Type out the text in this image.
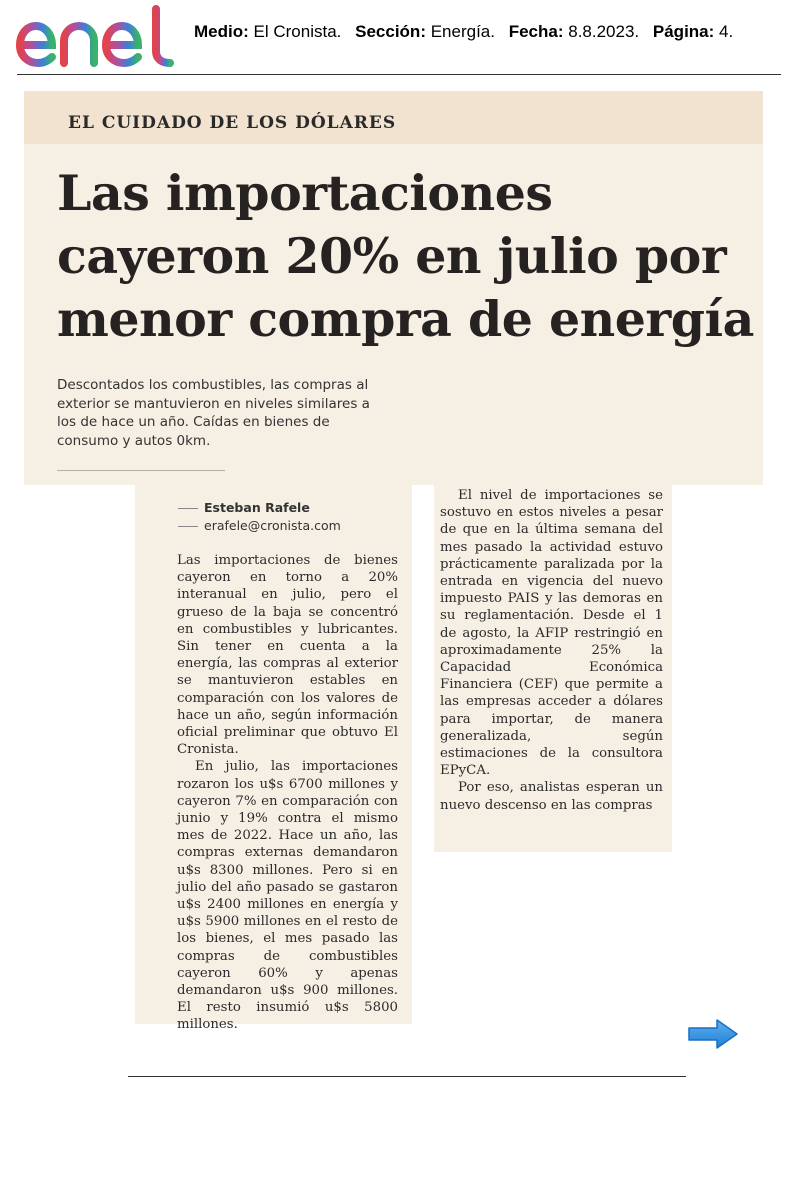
Medio: El Cronista. Sección: Energía. Fecha: 8.8.2023. Página: 4.
EL CUIDADO DE LOS DÓLARES
Las importaciones cayeron 20% en julio por menor compra de energía

Descontados los combustibles, las compras al exterior se mantuvieron en niveles similares a los de hace un año. Caídas en bienes de consumo y autos 0km.

Esteban Rafele
erafele@cronista.com

Las importaciones de bienes cayeron en torno a 20% interanual en julio, pero el grueso de la baja se concentró en combustibles y lubricantes. Sin tener en cuenta a la energía, las compras al exterior se mantuvieron estables en comparación con los valores de hace un año, según información oficial preliminar que obtuvo El Cronista.

En julio, las importaciones rozaron los u$s 6700 millones y cayeron 7% en comparación con junio y 19% contra el mismo mes de 2022. Hace un año, las compras externas demandaron u$s 8300 millones. Pero si en julio del año pasado se gastaron u$s 2400 millones en energía y u$s 5900 millones en el resto de los bienes, el mes pasado las compras de combustibles cayeron 60% y apenas demandaron u$s 900 millones. El resto insumió u$s 5800 millones.

El nivel de importaciones se sostuvo en estos niveles a pesar de que en la última semana del mes pasado la actividad estuvo prácticamente paralizada por la entrada en vigencia del nuevo impuesto PAIS y las demoras en su reglamentación. Desde el 1 de agosto, la AFIP restringió en aproximadamente 25% la Capacidad Económica Financiera (CEF) que permite a las empresas acceder a dólares para importar, de manera generalizada, según estimaciones de la consultora EPyCA.

Por eso, analistas esperan un nuevo descenso en las compras
